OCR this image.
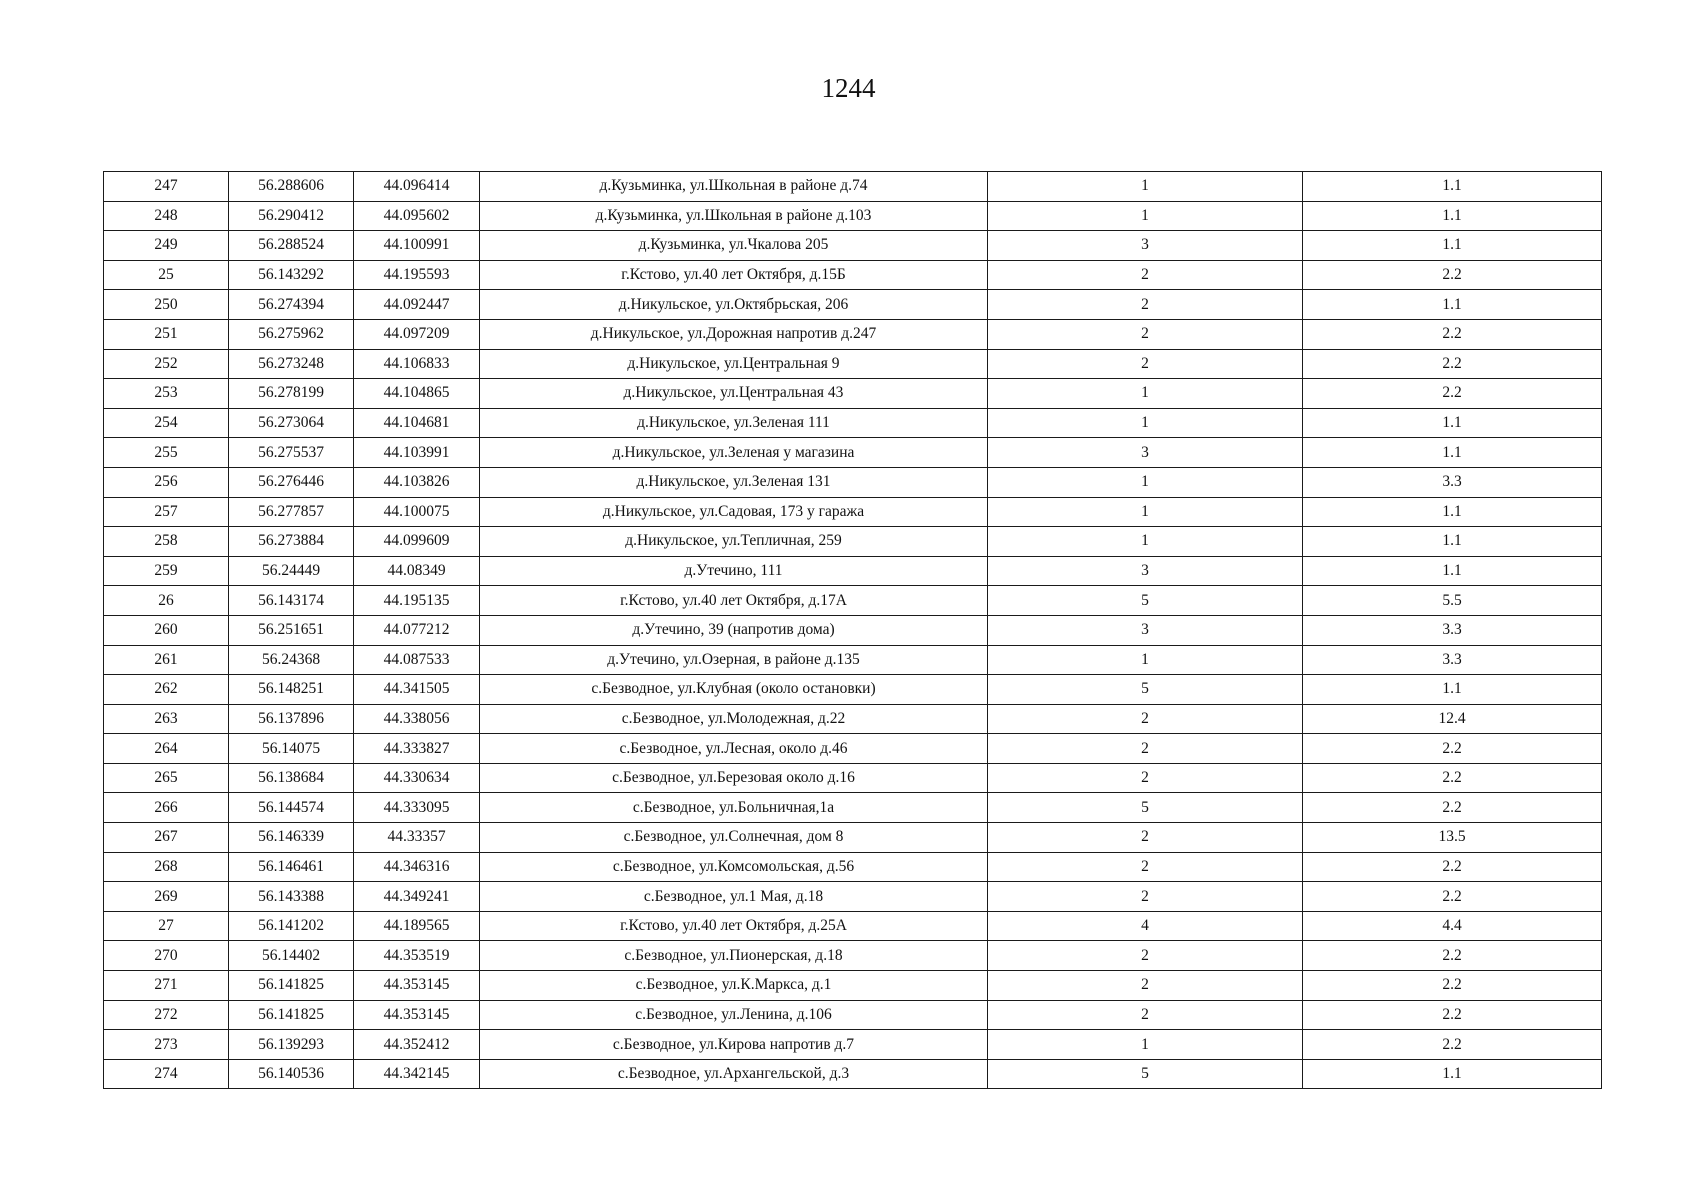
1244
247	56.288606	44.096414	д.Кузьминка, ул.Школьная в районе д.74	1	1.1
248	56.290412	44.095602	д.Кузьминка, ул.Школьная в районе д.103	1	1.1
249	56.288524	44.100991	д.Кузьминка, ул.Чкалова 205	3	1.1
25	56.143292	44.195593	г.Кстово, ул.40 лет Октября, д.15Б	2	2.2
250	56.274394	44.092447	д.Никульское, ул.Октябрьская, 206	2	1.1
251	56.275962	44.097209	д.Никульское, ул.Дорожная напротив д.247	2	2.2
252	56.273248	44.106833	д.Никульское, ул.Центральная 9	2	2.2
253	56.278199	44.104865	д.Никульское, ул.Центральная 43	1	2.2
254	56.273064	44.104681	д.Никульское, ул.Зеленая 111	1	1.1
255	56.275537	44.103991	д.Никульское, ул.Зеленая у магазина	3	1.1
256	56.276446	44.103826	д.Никульское, ул.Зеленая 131	1	3.3
257	56.277857	44.100075	д.Никульское, ул.Садовая, 173 у гаража	1	1.1
258	56.273884	44.099609	д.Никульское, ул.Тепличная, 259	1	1.1
259	56.24449	44.08349	д.Утечино, 111	3	1.1
26	56.143174	44.195135	г.Кстово, ул.40 лет Октября, д.17А	5	5.5
260	56.251651	44.077212	д.Утечино, 39 (напротив дома)	3	3.3
261	56.24368	44.087533	д.Утечино, ул.Озерная, в районе д.135	1	3.3
262	56.148251	44.341505	с.Безводное, ул.Клубная (около остановки)	5	1.1
263	56.137896	44.338056	с.Безводное, ул.Молодежная, д.22	2	12.4
264	56.14075	44.333827	с.Безводное, ул.Лесная, около д.46	2	2.2
265	56.138684	44.330634	с.Безводное, ул.Березовая около д.16	2	2.2
266	56.144574	44.333095	с.Безводное, ул.Больничная,1а	5	2.2
267	56.146339	44.33357	с.Безводное, ул.Солнечная, дом 8	2	13.5
268	56.146461	44.346316	с.Безводное, ул.Комсомольская, д.56	2	2.2
269	56.143388	44.349241	с.Безводное, ул.1 Мая, д.18	2	2.2
27	56.141202	44.189565	г.Кстово, ул.40 лет Октября, д.25А	4	4.4
270	56.14402	44.353519	с.Безводное, ул.Пионерская, д.18	2	2.2
271	56.141825	44.353145	с.Безводное, ул.К.Маркса, д.1	2	2.2
272	56.141825	44.353145	с.Безводное, ул.Ленина, д.106	2	2.2
273	56.139293	44.352412	с.Безводное, ул.Кирова напротив д.7	1	2.2
274	56.140536	44.342145	с.Безводное, ул.Архангельской, д.3	5	1.1
